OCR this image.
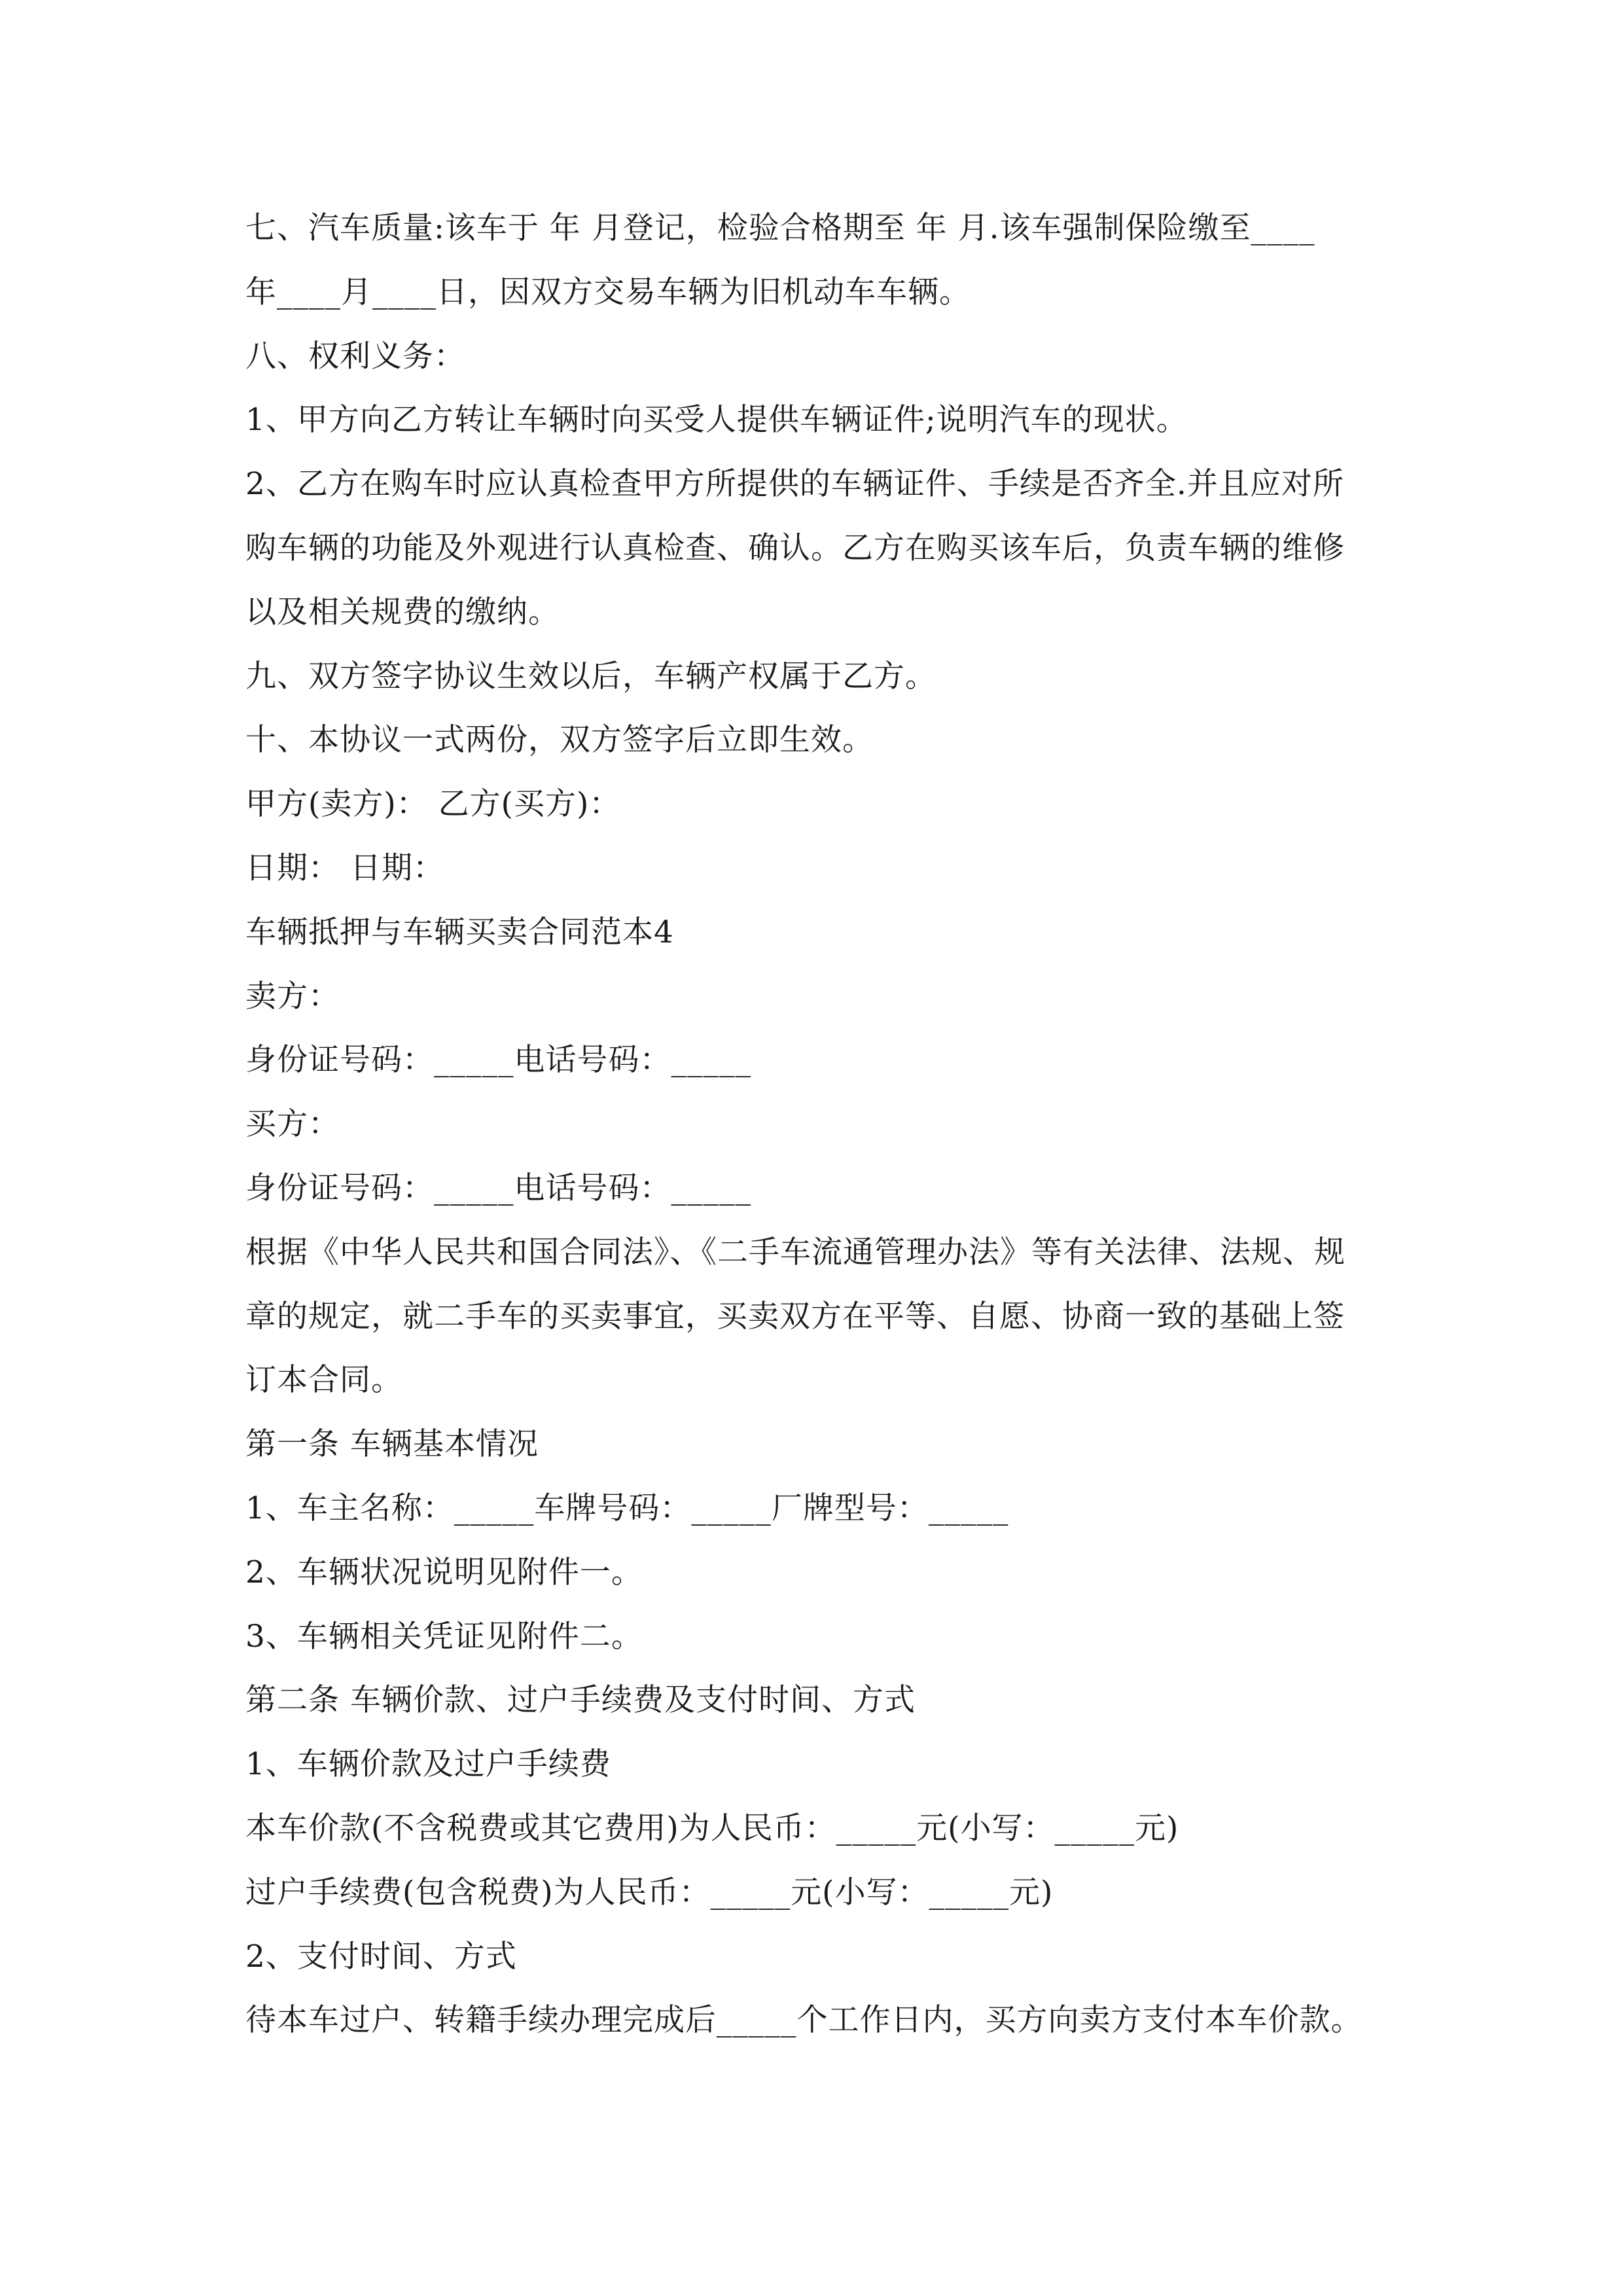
七、汽车质量:该车于 年 月登记，检验合格期至 年 月.该车强制保险缴至____
年____月____日，因双方交易车辆为旧机动车车辆。
八、权利义务：
1、甲方向乙方转让车辆时向买受人提供车辆证件;说明汽车的现状。
2、乙方在购车时应认真检查甲方所提供的车辆证件、手续是否齐全.并且应对所
购车辆的功能及外观进行认真检查、确认。乙方在购买该车后，负责车辆的维修
以及相关规费的缴纳。
九、双方签字协议生效以后，车辆产权属于乙方。
十、本协议一式两份，双方签字后立即生效。
甲方(卖方)： 乙方(买方)：
日期： 日期：
车辆抵押与车辆买卖合同范本4
卖方：
身份证号码：_____电话号码：_____
买方：
身份证号码：_____电话号码：_____
根据《中华人民共和国合同法》、《二手车流通管理办法》等有关法律、法规、规
章的规定，就二手车的买卖事宜，买卖双方在平等、自愿、协商一致的基础上签
订本合同。
第一条 车辆基本情况
1、车主名称：_____车牌号码：_____厂牌型号：_____
2、车辆状况说明见附件一。
3、车辆相关凭证见附件二。
第二条 车辆价款、过户手续费及支付时间、方式
1、车辆价款及过户手续费
本车价款(不含税费或其它费用)为人民币：_____元(小写：_____元)
过户手续费(包含税费)为人民币：_____元(小写：_____元)
2、支付时间、方式
待本车过户、转籍手续办理完成后_____个工作日内，买方向卖方支付本车价款。
